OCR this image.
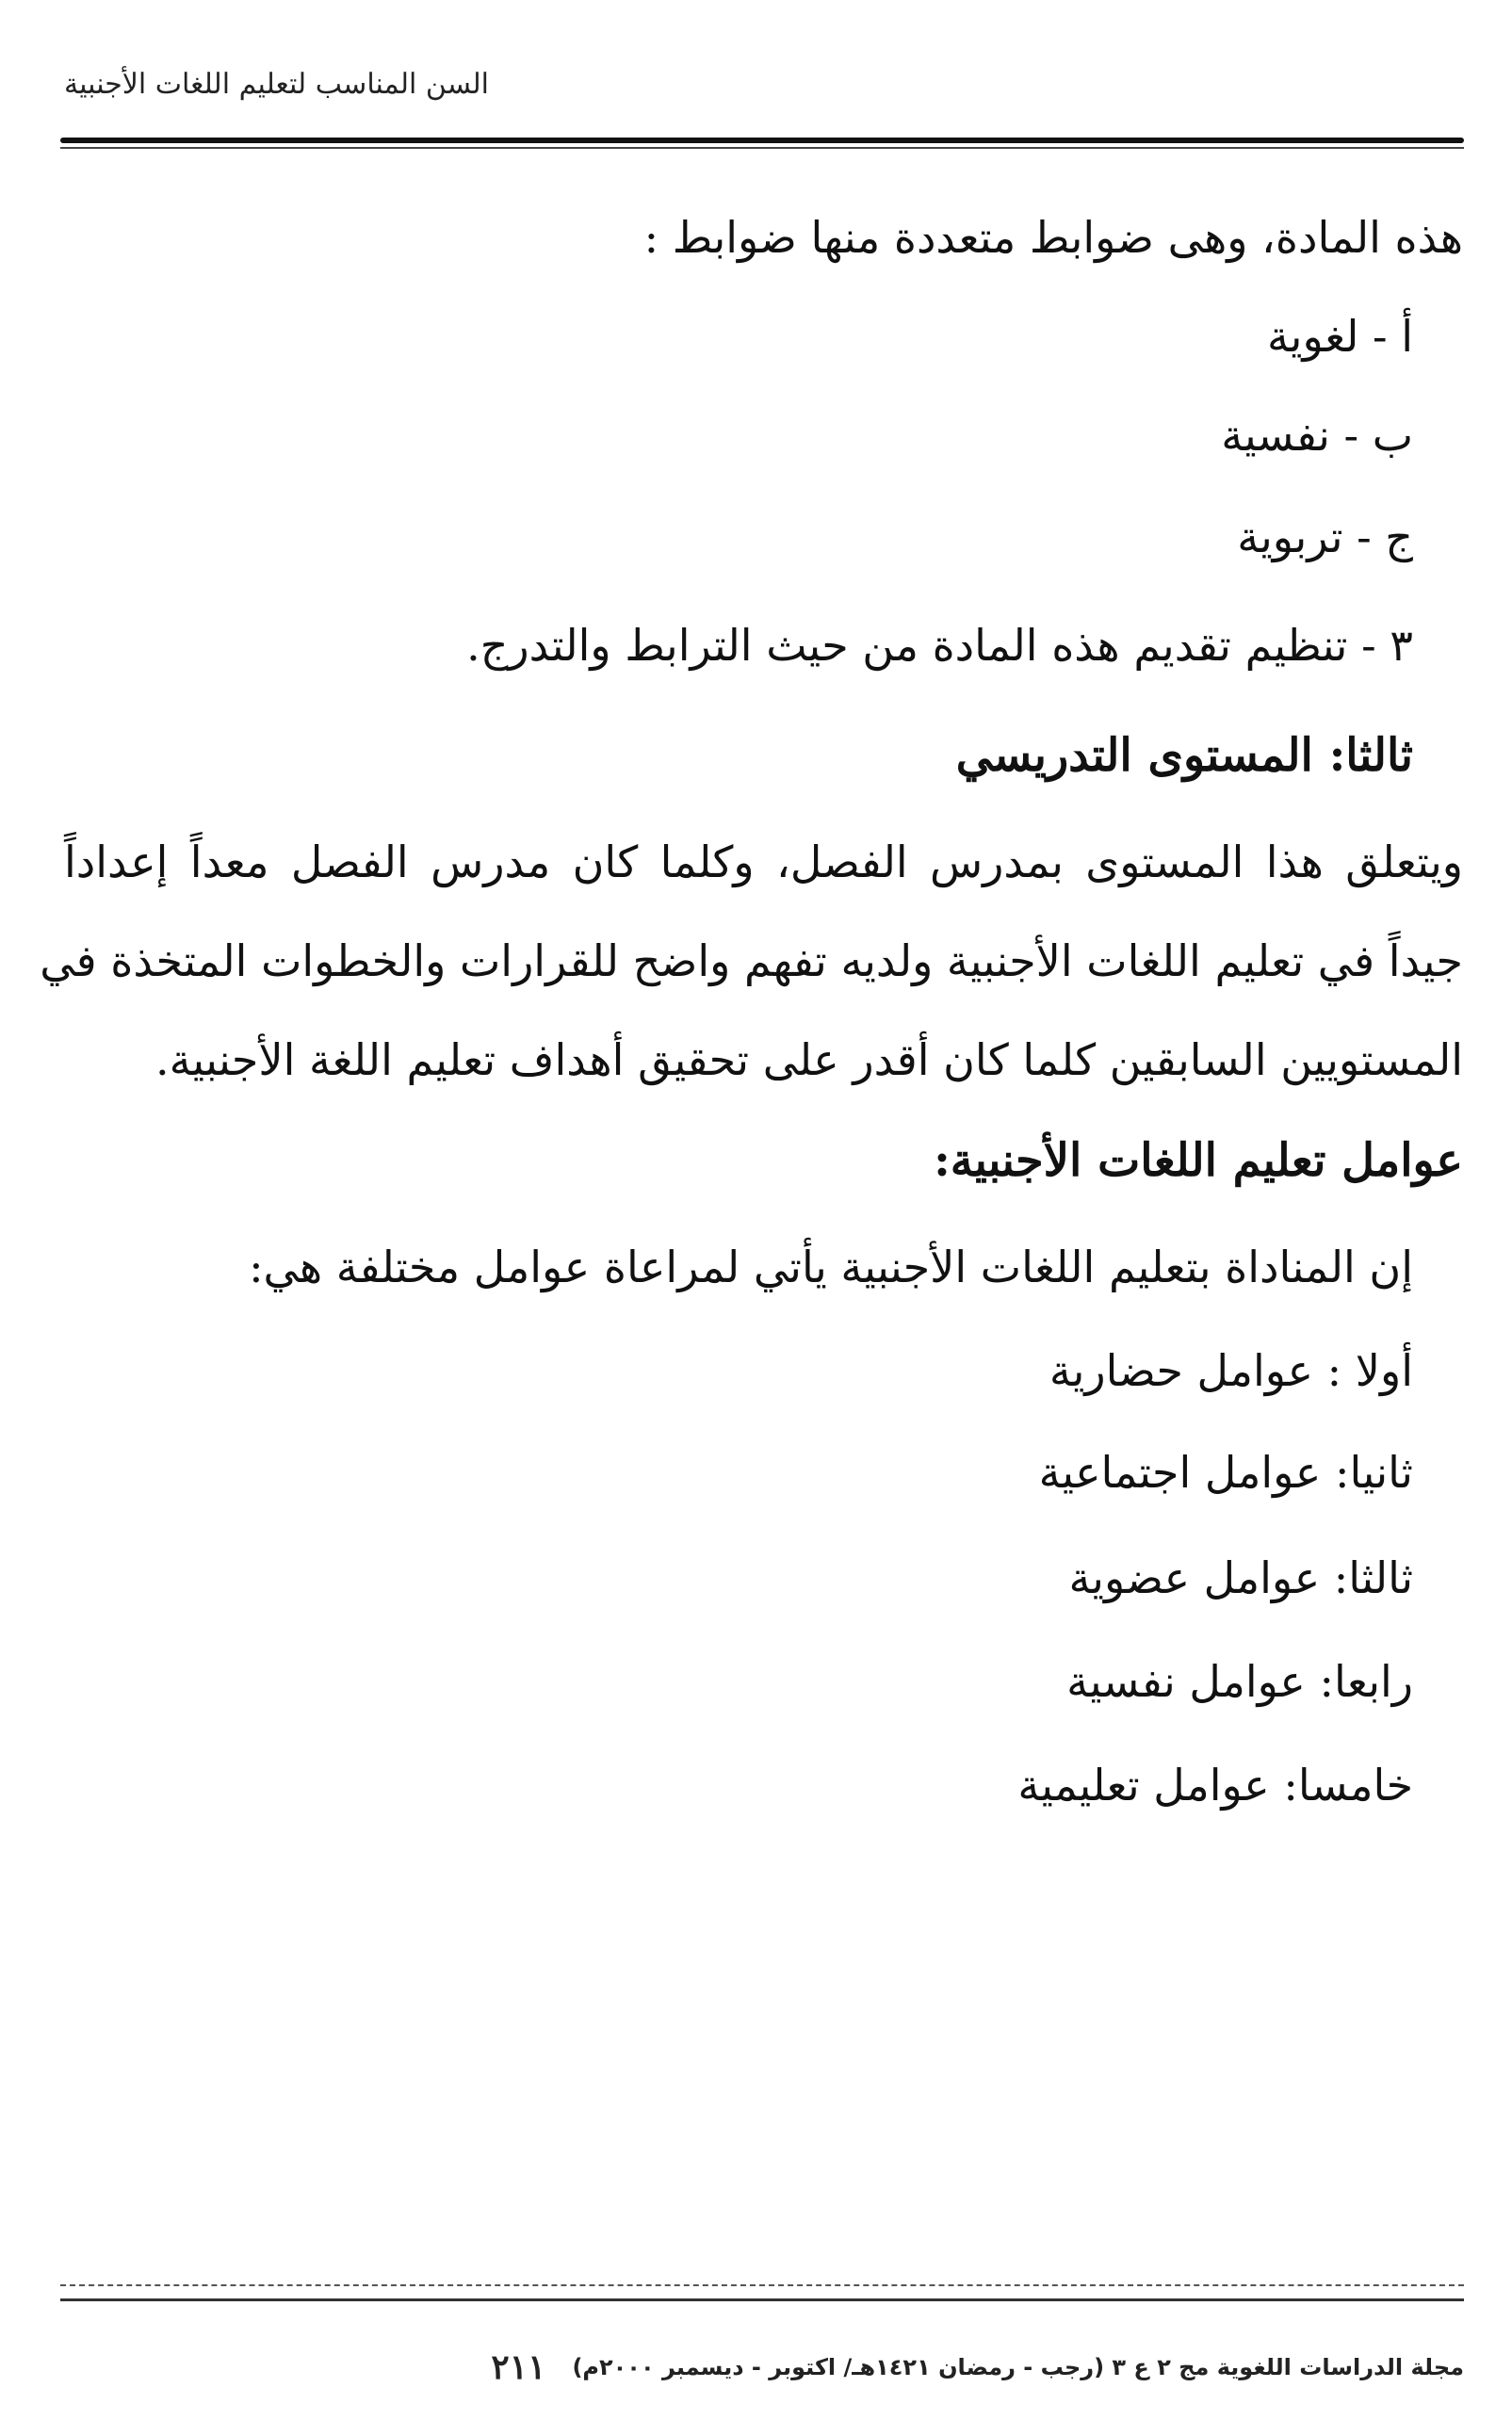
السن المناسب لتعليم اللغات الأجنبية
هذه المادة، وهى ضوابط متعددة منها ضوابط :
أ - لغوية
ب - نفسية
ج - تربوية
٣ - تنظيم تقديم هذه المادة من حيث الترابط والتدرج.
ثالثا: المستوى التدريسي
ويتعلق هذا المستوى بمدرس الفصل، وكلما كان مدرس الفصل معداً إعداداً
جيداً في تعليم اللغات الأجنبية ولديه تفهم واضح للقرارات والخطوات المتخذة في
المستويين السابقين كلما كان أقدر على تحقيق أهداف تعليم اللغة الأجنبية.
عوامل تعليم اللغات الأجنبية:
إن المناداة بتعليم اللغات الأجنبية يأتي لمراعاة عوامل مختلفة هي:
أولا : عوامل حضارية
ثانيا: عوامل اجتماعية
ثالثا: عوامل عضوية
رابعا: عوامل نفسية
خامسا: عوامل تعليمية
مجلة الدراسات اللغوية مج ٢ ع ٣ (رجب - رمضان ١٤٢١هـ/ اكتوبر - ديسمبر ٢٠٠٠م)
٢١١
